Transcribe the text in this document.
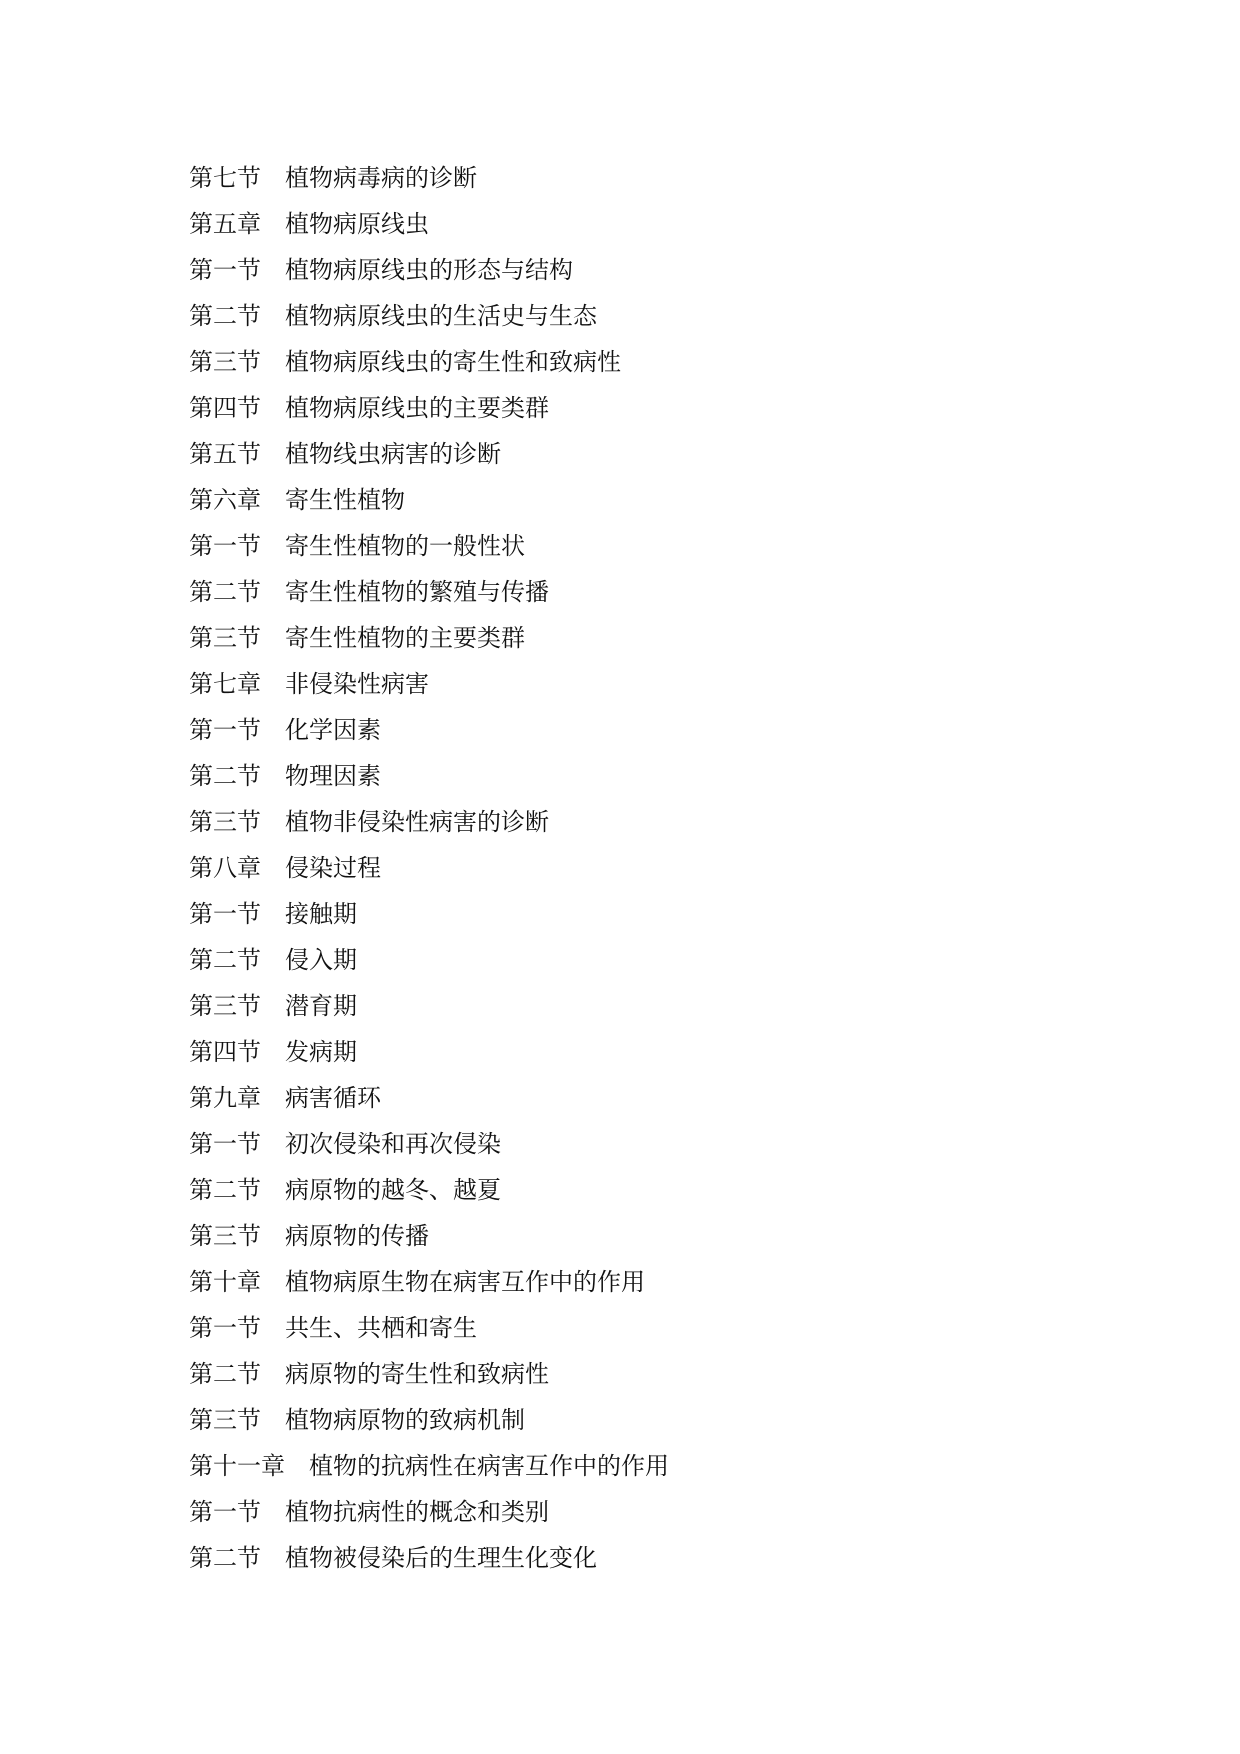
第七节 植物病毒病的诊断
第五章 植物病原线虫
第一节 植物病原线虫的形态与结构
第二节 植物病原线虫的生活史与生态
第三节 植物病原线虫的寄生性和致病性
第四节 植物病原线虫的主要类群
第五节 植物线虫病害的诊断
第六章 寄生性植物
第一节 寄生性植物的一般性状
第二节 寄生性植物的繁殖与传播
第三节 寄生性植物的主要类群
第七章 非侵染性病害
第一节 化学因素
第二节 物理因素
第三节 植物非侵染性病害的诊断
第八章 侵染过程
第一节 接触期
第二节 侵入期
第三节 潜育期
第四节 发病期
第九章 病害循环
第一节 初次侵染和再次侵染
第二节 病原物的越冬、越夏
第三节 病原物的传播
第十章 植物病原生物在病害互作中的作用
第一节 共生、共栖和寄生
第二节 病原物的寄生性和致病性
第三节 植物病原物的致病机制
第十一章 植物的抗病性在病害互作中的作用
第一节 植物抗病性的概念和类别
第二节 植物被侵染后的生理生化变化
